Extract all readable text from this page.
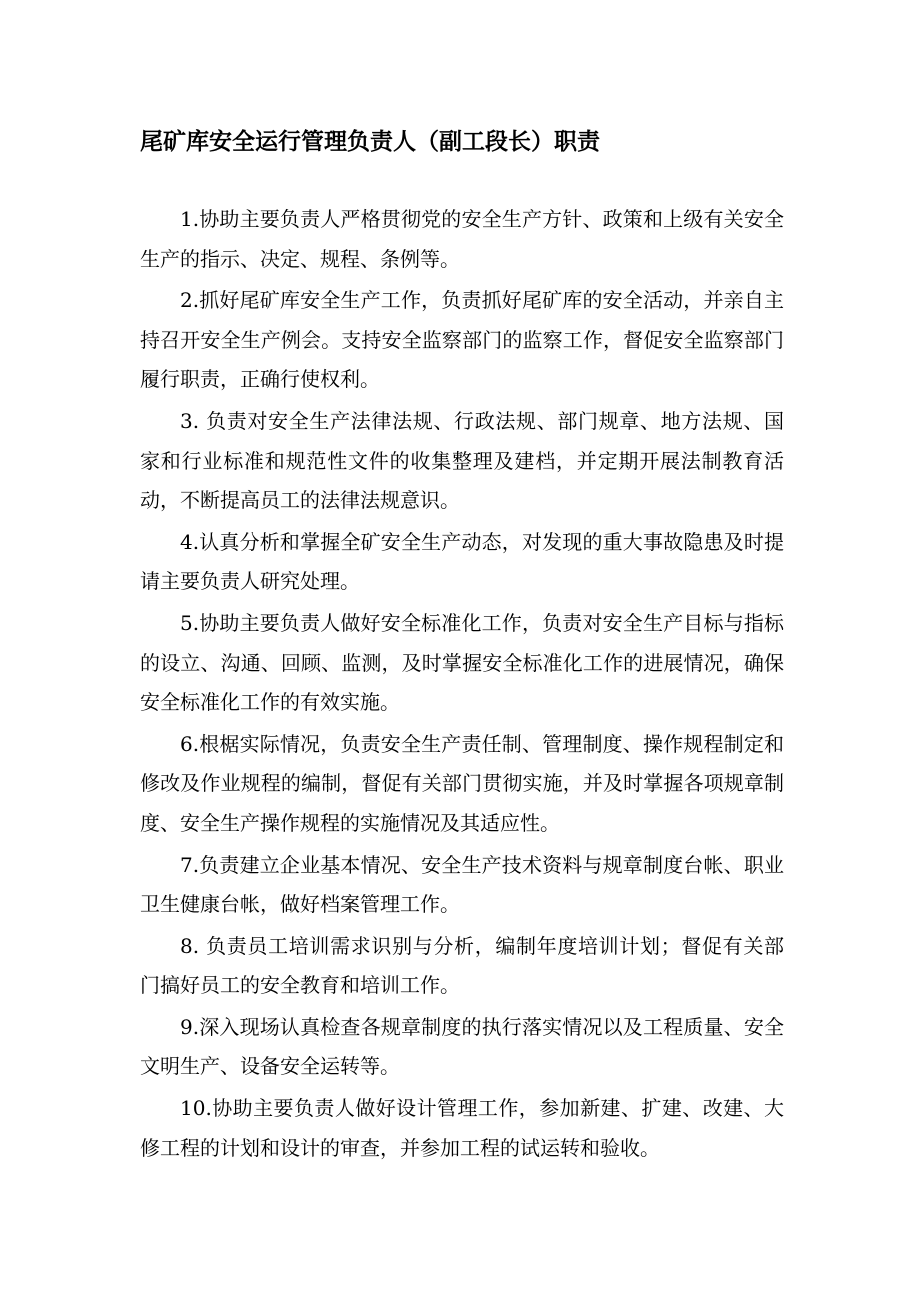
尾矿库安全运行管理负责人（副工段长）职责

1.协助主要负责人严格贯彻党的安全生产方针、政策和上级有关安全生产的指示、决定、规程、条例等。

2.抓好尾矿库安全生产工作，负责抓好尾矿库的安全活动，并亲自主持召开安全生产例会。支持安全监察部门的监察工作，督促安全监察部门履行职责，正确行使权利。

3. 负责对安全生产法律法规、行政法规、部门规章、地方法规、国家和行业标准和规范性文件的收集整理及建档，并定期开展法制教育活动，不断提高员工的法律法规意识。

4.认真分析和掌握全矿安全生产动态，对发现的重大事故隐患及时提请主要负责人研究处理。

5.协助主要负责人做好安全标准化工作，负责对安全生产目标与指标的设立、沟通、回顾、监测，及时掌握安全标准化工作的进展情况，确保安全标准化工作的有效实施。

6.根椐实际情况，负责安全生产责任制、管理制度、操作规程制定和修改及作业规程的编制，督促有关部门贯彻实施，并及时掌握各项规章制度、安全生产操作规程的实施情况及其适应性。

7.负责建立企业基本情况、安全生产技术资料与规章制度台帐、职业卫生健康台帐，做好档案管理工作。

8. 负责员工培训需求识别与分析，编制年度培训计划；督促有关部门搞好员工的安全教育和培训工作。

9.深入现场认真检查各规章制度的执行落实情况以及工程质量、安全文明生产、设备安全运转等。

10.协助主要负责人做好设计管理工作，参加新建、扩建、改建、大修工程的计划和设计的审查，并参加工程的试运转和验收。
